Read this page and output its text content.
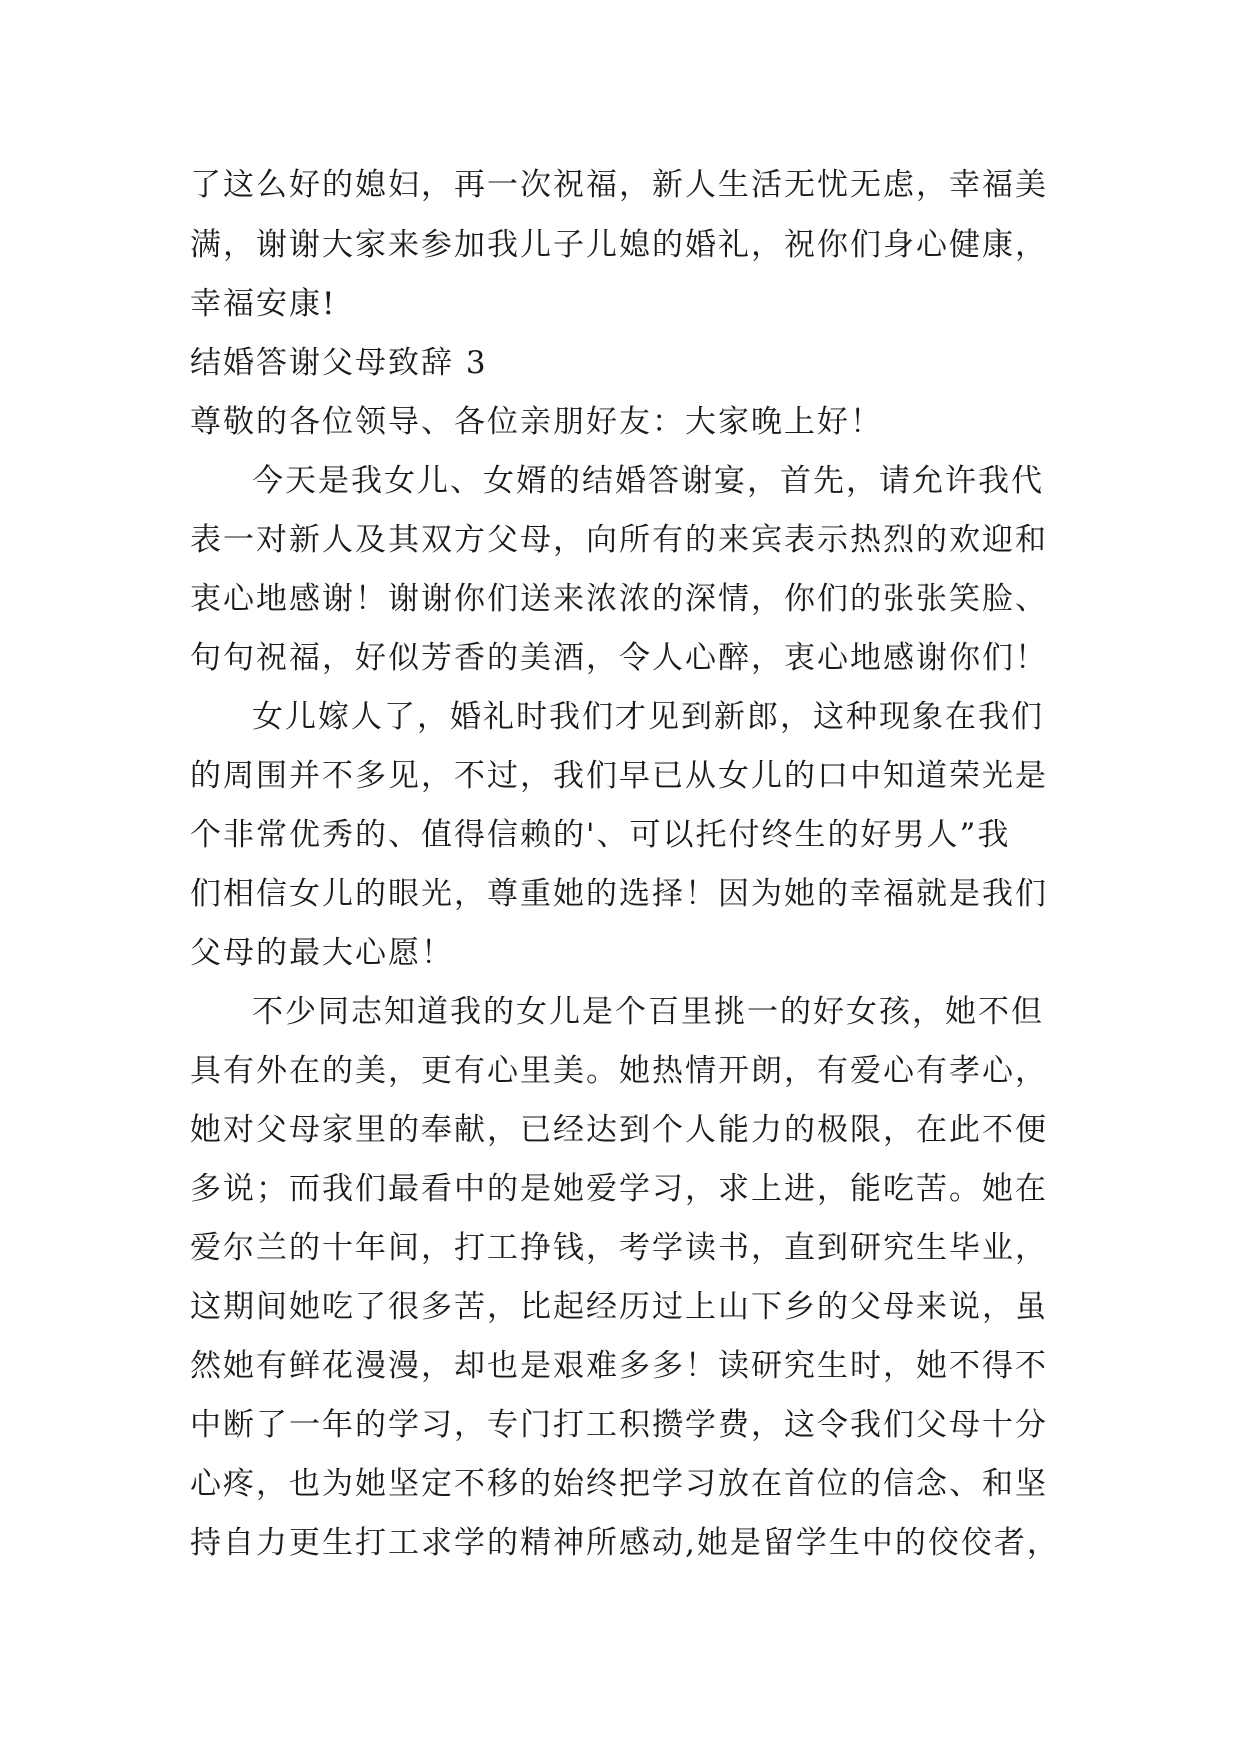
了这么好的媳妇，再一次祝福，新人生活无忧无虑，幸福美
满，谢谢大家来参加我儿子儿媳的婚礼，祝你们身心健康，
幸福安康!
结婚答谢父母致辞 3
尊敬的各位领导、各位亲朋好友：大家晚上好！
今天是我女儿、女婿的结婚答谢宴，首先，请允许我代
表一对新人及其双方父母，向所有的来宾表示热烈的欢迎和
衷心地感谢！谢谢你们送来浓浓的深情，你们的张张笑脸、
句句祝福，好似芳香的美酒，令人心醉，衷心地感谢你们！
女儿嫁人了，婚礼时我们才见到新郎，这种现象在我们
的周围并不多见，不过，我们早已从女儿的口中知道荣光是
个非常优秀的、值得信赖的'、可以托付终生的好男人”我
们相信女儿的眼光，尊重她的选择！因为她的幸福就是我们
父母的最大心愿！
不少同志知道我的女儿是个百里挑一的好女孩，她不但
具有外在的美，更有心里美。她热情开朗，有爱心有孝心，
她对父母家里的奉献，已经达到个人能力的极限，在此不便
多说；而我们最看中的是她爱学习，求上进，能吃苦。她在
爱尔兰的十年间，打工挣钱，考学读书，直到研究生毕业，
这期间她吃了很多苦，比起经历过上山下乡的父母来说，虽
然她有鲜花漫漫，却也是艰难多多！读研究生时，她不得不
中断了一年的学习，专门打工积攒学费，这令我们父母十分
心疼，也为她坚定不移的始终把学习放在首位的信念、和坚
持自力更生打工求学的精神所感动,她是留学生中的佼佼者，
